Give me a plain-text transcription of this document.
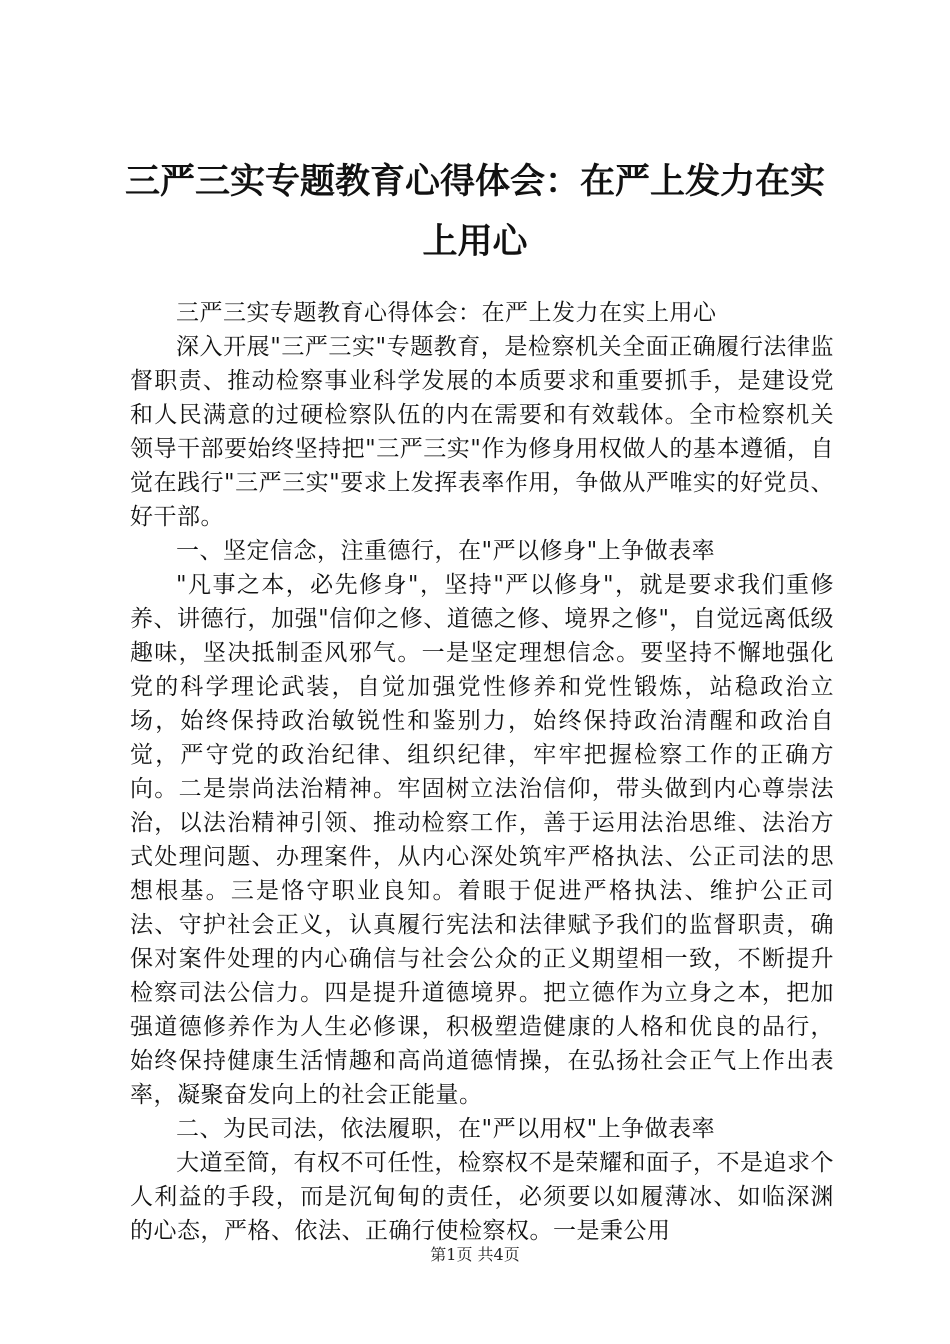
三严三实专题教育心得体会：在严上发力在实
上用心

三严三实专题教育心得体会：在严上发力在实上用心

深入开展"三严三实"专题教育，是检察机关全面正确履行法律监督职责、推动检察事业科学发展的本质要求和重要抓手，是建设党和人民满意的过硬检察队伍的内在需要和有效载体。全市检察机关领导干部要始终坚持把"三严三实"作为修身用权做人的基本遵循，自觉在践行"三严三实"要求上发挥表率作用，争做从严唯实的好党员、好干部。

一、坚定信念，注重德行，在"严以修身"上争做表率

"凡事之本，必先修身"，坚持"严以修身"，就是要求我们重修养、讲德行，加强"信仰之修、道德之修、境界之修"，自觉远离低级趣味，坚决抵制歪风邪气。一是坚定理想信念。要坚持不懈地强化党的科学理论武装，自觉加强党性修养和党性锻炼，站稳政治立场，始终保持政治敏锐性和鉴别力，始终保持政治清醒和政治自觉，严守党的政治纪律、组织纪律，牢牢把握检察工作的正确方向。二是崇尚法治精神。牢固树立法治信仰，带头做到内心尊崇法治，以法治精神引领、推动检察工作，善于运用法治思维、法治方式处理问题、办理案件，从内心深处筑牢严格执法、公正司法的思想根基。三是恪守职业良知。着眼于促进严格执法、维护公正司法、守护社会正义，认真履行宪法和法律赋予我们的监督职责，确保对案件处理的内心确信与社会公众的正义期望相一致，不断提升检察司法公信力。四是提升道德境界。把立德作为立身之本，把加强道德修养作为人生必修课，积极塑造健康的人格和优良的品行，始终保持健康生活情趣和高尚道德情操，在弘扬社会正气上作出表率，凝聚奋发向上的社会正能量。

二、为民司法，依法履职，在"严以用权"上争做表率

大道至简，有权不可任性，检察权不是荣耀和面子，不是追求个人利益的手段，而是沉甸甸的责任，必须要以如履薄冰、如临深渊的心态，严格、依法、正确行使检察权。一是秉公用

第1页 共4页
